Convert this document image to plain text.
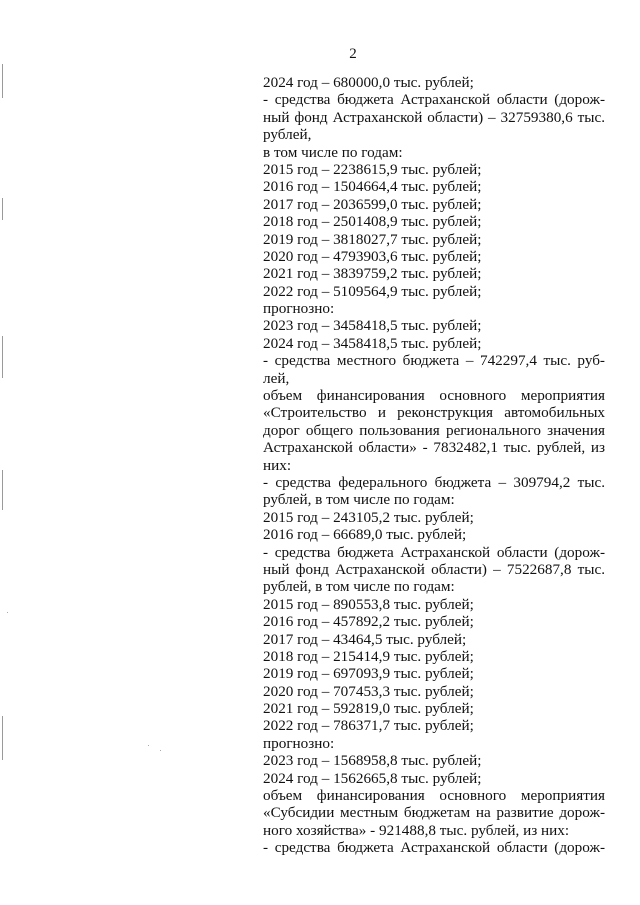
2
2024 год – 680000,0 тыс. рублей;
- средства бюджета Астраханской области (дорож-
ный фонд Астраханской области) – 32759380,6 тыс.
рублей,
в том числе по годам:
2015 год – 2238615,9 тыс. рублей;
2016 год – 1504664,4 тыс. рублей;
2017 год – 2036599,0 тыс. рублей;
2018 год – 2501408,9 тыс. рублей;
2019 год – 3818027,7 тыс. рублей;
2020 год – 4793903,6 тыс. рублей;
2021 год – 3839759,2 тыс. рублей;
2022 год – 5109564,9 тыс. рублей;
прогнозно:
2023 год – 3458418,5 тыс. рублей;
2024 год – 3458418,5 тыс. рублей;
- средства местного бюджета – 742297,4 тыс. руб-
лей,
объем финансирования основного мероприятия
«Строительство и реконструкция автомобильных
дорог общего пользования регионального значения
Астраханской области» - 7832482,1 тыс. рублей, из
них:
- средства федерального бюджета – 309794,2 тыс.
рублей, в том числе по годам:
2015 год – 243105,2 тыс. рублей;
2016 год – 66689,0 тыс. рублей;
- средства бюджета Астраханской области (дорож-
ный фонд Астраханской области) – 7522687,8 тыс.
рублей, в том числе по годам:
2015 год – 890553,8 тыс. рублей;
2016 год – 457892,2 тыс. рублей;
2017 год – 43464,5 тыс. рублей;
2018 год – 215414,9 тыс. рублей;
2019 год – 697093,9 тыс. рублей;
2020 год – 707453,3 тыс. рублей;
2021 год – 592819,0 тыс. рублей;
2022 год – 786371,7 тыс. рублей;
прогнозно:
2023 год – 1568958,8 тыс. рублей;
2024 год – 1562665,8 тыс. рублей;
объем финансирования основного мероприятия
«Субсидии местным бюджетам на развитие дорож-
ного хозяйства» - 921488,8 тыс. рублей, из них:
- средства бюджета Астраханской области (дорож-
